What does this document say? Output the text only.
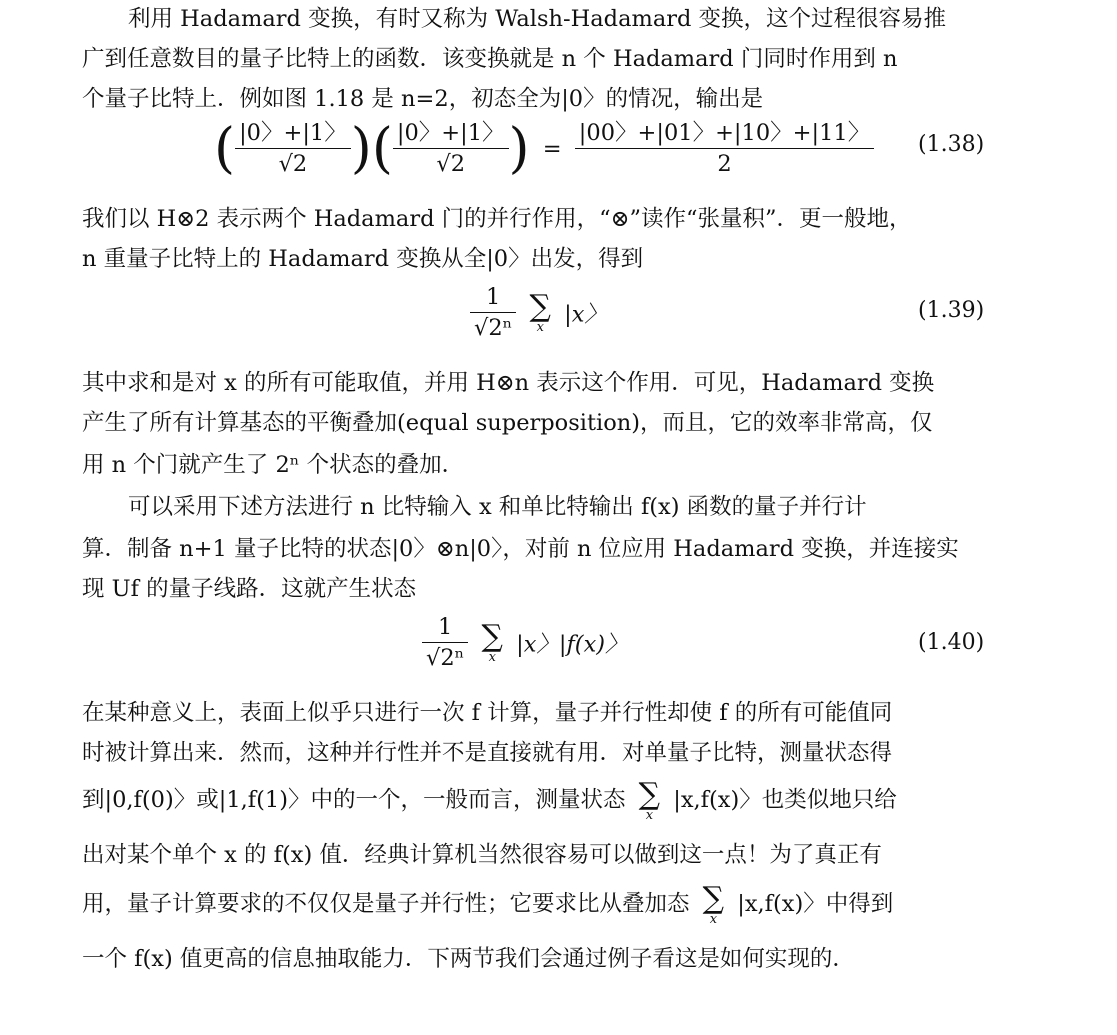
利用 Hadamard 变换，有时又称为 Walsh-Hadamard 变换，这个过程很容易推
广到任意数目的量子比特上的函数．该变换就是 n 个 Hadamard 门同时作用到 n
个量子比特上．例如图 1.18 是 n=2，初态全为|0〉的情况，输出是
( $\frac{|0〉+|1〉}{√2}$ )( $\frac{|0〉+|1〉}{√2}$ ) = $\frac{|00〉+|01〉+|10〉+|11〉}{2} (1.38)$
我们以 H⊗2 表示两个 Hadamard 门的并行作用，“⊗”读作“张量积”．更一般地，
n 重量子比特上的 Hadamard 变换从全|0〉出发，得到
$\frac{1}{\text{√2ⁿ}}$
∑
x |x〉	(1.39)
其中求和是对 x 的所有可能取值，并用 H⊗n 表示这个作用．可见，Hadamard 变换
产生了所有计算基态的平衡叠加(equal superposition)，而且，它的效率非常高，仅
用 n 个门就产生了 2ⁿ 个状态的叠加．
可以采用下述方法进行 n 比特输入 x 和单比特输出 f(x) 函数的量子并行计
算．制备 n+1 量子比特的状态|0〉⊗n|0〉，对前 n 位应用 Hadamard 变换，并连接实
现 Uf 的量子线路．这就产生状态
$\frac{1}{\text{√2ⁿ}}$
∑
x |x〉|f(x)〉	(1.40)
在某种意义上，表面上似乎只进行一次 f 计算，量子并行性却使 f 的所有可能值同
时被计算出来．然而，这种并行性并不是直接就有用．对单量子比特，测量状态得
到|0,f(0)〉或|1,f(1)〉中的一个，一般而言，测量状态 ∑
x
|x,f(x)〉也类似地只给
出对某个单个 x 的 f(x) 值．经典计算机当然很容易可以做到这一点！为了真正有
用，量子计算要求的不仅仅是量子并行性；它要求比从叠加态 ∑
x
|x,f(x)〉中得到
一个 f(x) 值更高的信息抽取能力．下两节我们会通过例子看这是如何实现的．
